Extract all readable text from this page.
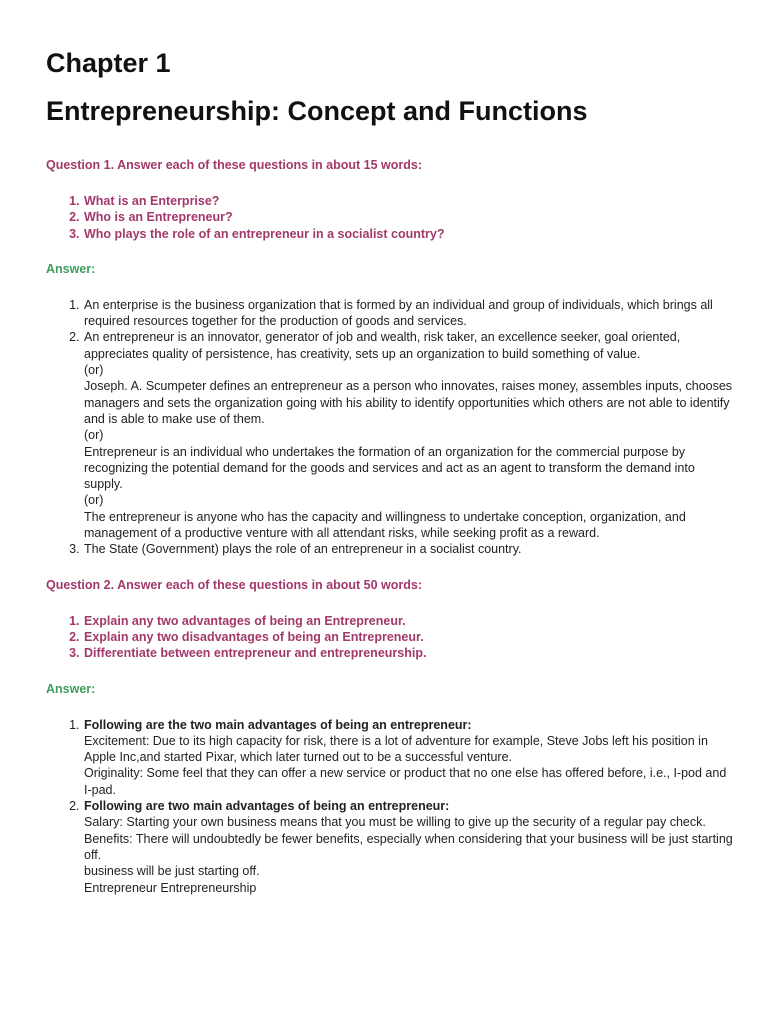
Chapter 1
Entrepreneurship: Concept and Functions
Question 1. Answer each of these questions in about 15 words:
1. What is an Enterprise?
2. Who is an Entrepreneur?
3. Who plays the role of an entrepreneur in a socialist country?
Answer:
1. An enterprise is the business organization that is formed by an individual and group of individuals, which brings all required resources together for the production of goods and services.
2. An entrepreneur is an innovator, generator of job and wealth, risk taker, an excellence seeker, goal oriented, appreciates quality of persistence, has creativity, sets up an organization to build something of value.
(or)
Joseph. A. Scumpeter defines an entrepreneur as a person who innovates, raises money, assembles inputs, chooses managers and sets the organization going with his ability to identify opportunities which others are not able to identify and is able to make use of them.
(or)
Entrepreneur is an individual who undertakes the formation of an organization for the commercial purpose by recognizing the potential demand for the goods and services and act as an agent to transform the demand into supply.
(or)
The entrepreneur is anyone who has the capacity and willingness to undertake conception, organization, and management of a productive venture with all attendant risks, while seeking profit as a reward.
3. The State (Government) plays the role of an entrepreneur in a socialist country.
Question 2. Answer each of these questions in about 50 words:
1. Explain any two advantages of being an Entrepreneur.
2. Explain any two disadvantages of being an Entrepreneur.
3. Differentiate between entrepreneur and entrepreneurship.
Answer:
1. Following are the two main advantages of being an entrepreneur:
Excitement: Due to its high capacity for risk, there is a lot of adventure for example, Steve Jobs left his position in Apple Inc,and started Pixar, which later turned out to be a successful venture.
Originality: Some feel that they can offer a new service or product that no one else has offered before, i.e., I-pod and I-pad.
2. Following are two main advantages of being an entrepreneur:
Salary: Starting your own business means that you must be willing to give up the security of a regular pay check.
Benefits: There will undoubtedly be fewer benefits, especially when considering that your business will be just starting off.
business will be just starting off.
Entrepreneur Entrepreneurship
